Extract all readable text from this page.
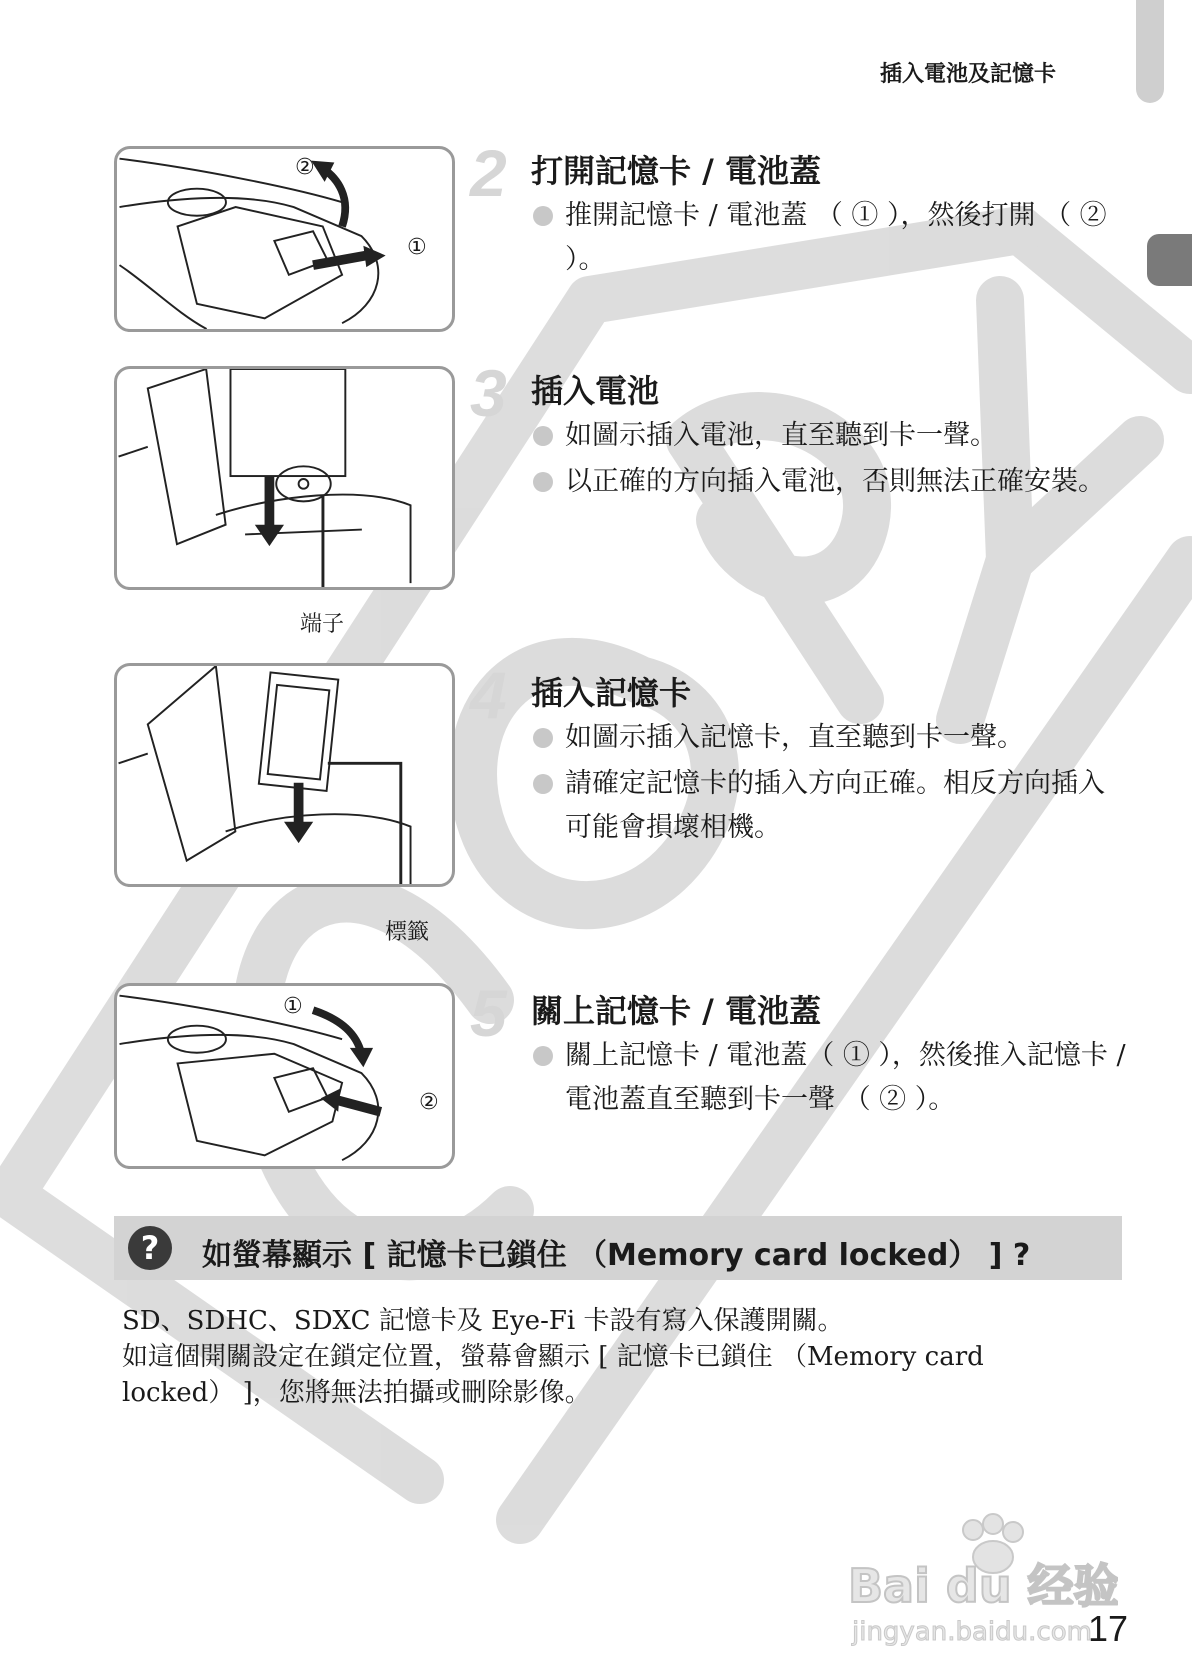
插入電池及記憶卡
②
①
端子
標籤
①
②
2 打開記憶卡 / 電池蓋
推開記憶卡 / 電池蓋 （ ① ），然後打開 （ ② ）。
3 插入電池
如圖示插入電池，直至聽到卡一聲。
以正確的方向插入電池，否則無法正確安裝。
4 插入記憶卡
如圖示插入記憶卡，直至聽到卡一聲。
請確定記憶卡的插入方向正確。相反方向插入可能會損壞相機。
5 關上記憶卡 / 電池蓋
關上記憶卡 / 電池蓋（ ① ），然後推入記憶卡 / 電池蓋直至聽到卡一聲 （ ② ）。
?	如螢幕顯示 [ 記憶卡已鎖住 （Memory card locked） ] ?

SD、SDHC、SDXC 記憶卡及 Eye-Fi 卡設有寫入保護開關。

如這個開關設定在鎖定位置，螢幕會顯示 [ 記憶卡已鎖住 （Memory card

locked） ]，您將無法拍攝或刪除影像。

Bai du 经验
jingyan.baidu.com
17
